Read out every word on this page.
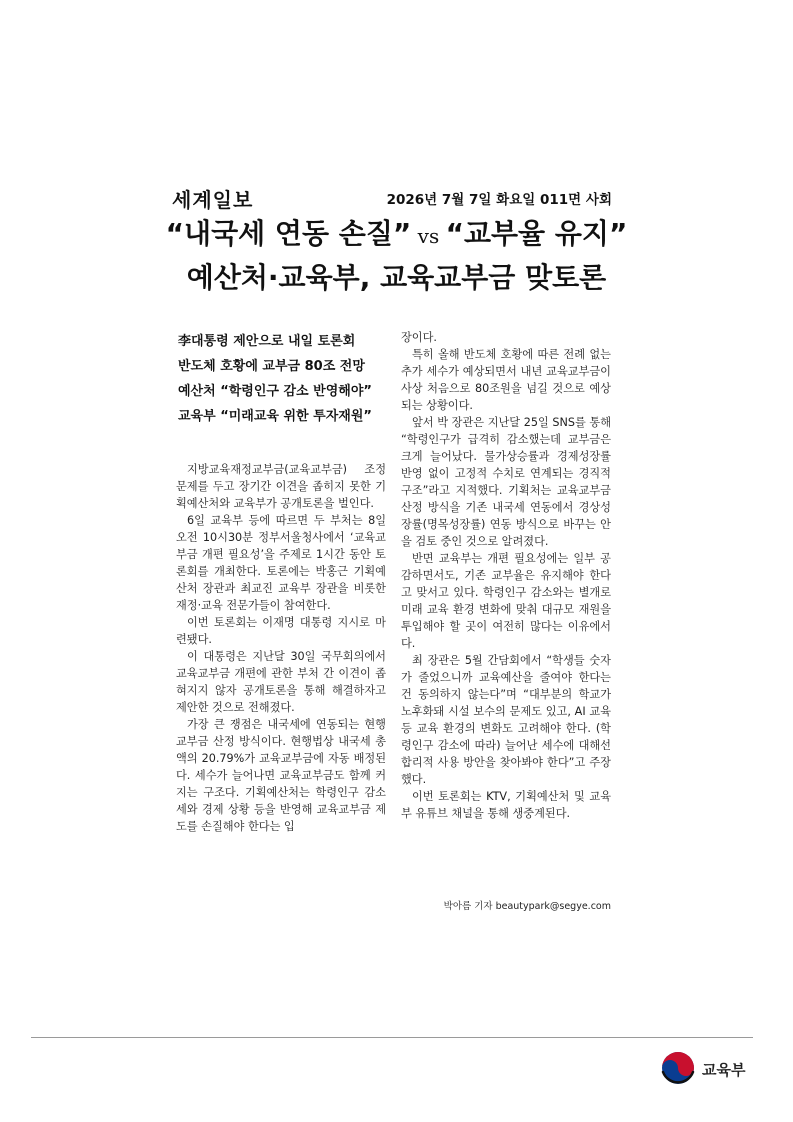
세계일보	2026년 7월 7일 화요일 011면 사회
“내국세 연동 손질” vs “교부율 유지”
예산처·교육부, 교육교부금 맞토론
李대통령 제안으로 내일 토론회
반도체 호황에 교부금 80조 전망
예산처 “학령인구 감소 반영해야”
교육부 “미래교육 위한 투자재원”

지방교육재정교부금(교육교부금) 조정 문제를 두고 장기간 이견을 좁히지 못한 기획예산처와 교육부가 공개토론을 벌인다.

6일 교육부 등에 따르면 두 부처는 8일 오전 10시30분 정부서울청사에서 ‘교육교부금 개편 필요성’을 주제로 1시간 동안 토론회를 개최한다. 토론에는 박홍근 기획예산처 장관과 최교진 교육부 장관을 비롯한 재정·교육 전문가들이 참여한다.

이번 토론회는 이재명 대통령 지시로 마련됐다.

이 대통령은 지난달 30일 국무회의에서 교육교부금 개편에 관한 부처 간 이견이 좁혀지지 않자 공개토론을 통해 해결하자고 제안한 것으로 전해졌다.

가장 큰 쟁점은 내국세에 연동되는 현행 교부금 산정 방식이다. 현행법상 내국세 총액의 20.79%가 교육교부금에 자동 배정된다. 세수가 늘어나면 교육교부금도 함께 커지는 구조다. 기획예산처는 학령인구 감소세와 경제 상황 등을 반영해 교육교부금 제도를 손질해야 한다는 입

장이다.

특히 올해 반도체 호황에 따른 전례 없는 추가 세수가 예상되면서 내년 교육교부금이 사상 처음으로 80조원을 넘길 것으로 예상되는 상황이다.

앞서 박 장관은 지난달 25일 SNS를 통해 “학령인구가 급격히 감소했는데 교부금은 크게 늘어났다. 물가상승률과 경제성장률 반영 없이 고정적 수치로 연계되는 경직적 구조”라고 지적했다. 기획처는 교육교부금 산정 방식을 기존 내국세 연동에서 경상성장률(명목성장률) 연동 방식으로 바꾸는 안을 검토 중인 것으로 알려졌다.

반면 교육부는 개편 필요성에는 일부 공감하면서도, 기존 교부율은 유지해야 한다고 맞서고 있다. 학령인구 감소와는 별개로 미래 교육 환경 변화에 맞춰 대규모 재원을 투입해야 할 곳이 여전히 많다는 이유에서다.

최 장관은 5월 간담회에서 “학생들 숫자가 줄었으니까 교육예산을 줄여야 한다는 건 동의하지 않는다”며 “대부분의 학교가 노후화돼 시설 보수의 문제도 있고, AI 교육 등 교육 환경의 변화도 고려해야 한다. (학령인구 감소에 따라) 늘어난 세수에 대해선 합리적 사용 방안을 찾아봐야 한다”고 주장했다.

이번 토론회는 KTV, 기획예산처 및 교육부 유튜브 채널을 통해 생중계된다.

박아름 기자 beautypark@segye.com
교육부
